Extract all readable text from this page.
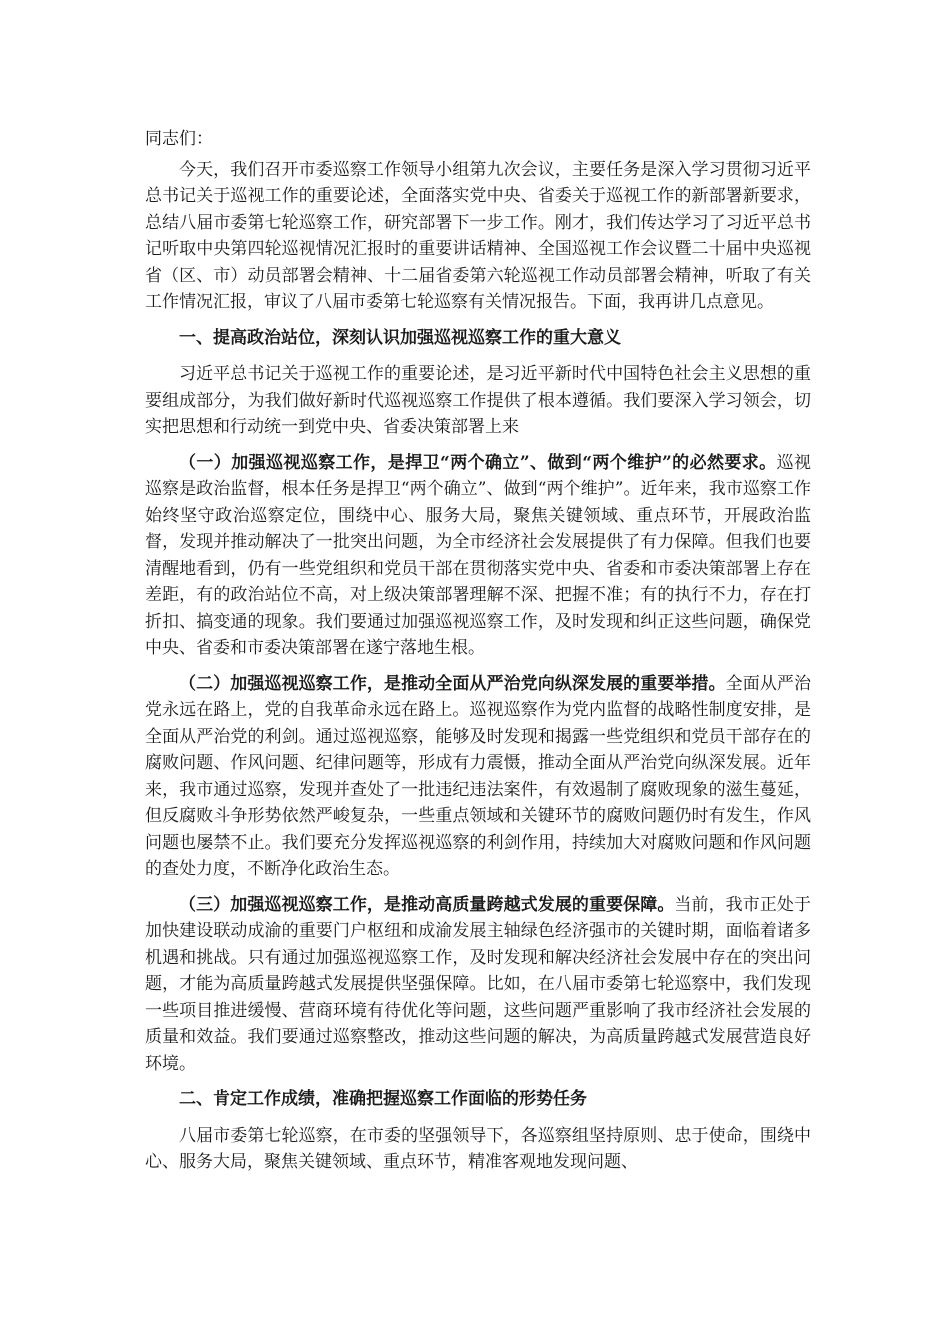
同志们：

今天，我们召开市委巡察工作领导小组第九次会议，主要任务是深入学习贯彻习近平总书记关于巡视工作的重要论述，全面落实党中央、省委关于巡视工作的新部署新要求，总结八届市委第七轮巡察工作，研究部署下一步工作。刚才，我们传达学习了习近平总书记听取中央第四轮巡视情况汇报时的重要讲话精神、全国巡视工作会议暨二十届中央巡视省（区、市）动员部署会精神、十二届省委第六轮巡视工作动员部署会精神，听取了有关工作情况汇报，审议了八届市委第七轮巡察有关情况报告。下面，我再讲几点意见。

一、提高政治站位，深刻认识加强巡视巡察工作的重大意义

习近平总书记关于巡视工作的重要论述，是习近平新时代中国特色社会主义思想的重要组成部分，为我们做好新时代巡视巡察工作提供了根本遵循。我们要深入学习领会，切实把思想和行动统一到党中央、省委决策部署上来

（一）加强巡视巡察工作，是捍卫“两个确立”、做到“两个维护”的必然要求。巡视巡察是政治监督，根本任务是捍卫“两个确立”、做到“两个维护”。近年来，我市巡察工作始终坚守政治巡察定位，围绕中心、服务大局，聚焦关键领域、重点环节，开展政治监督，发现并推动解决了一批突出问题，为全市经济社会发展提供了有力保障。但我们也要清醒地看到，仍有一些党组织和党员干部在贯彻落实党中央、省委和市委决策部署上存在差距，有的政治站位不高，对上级决策部署理解不深、把握不准；有的执行不力，存在打折扣、搞变通的现象。我们要通过加强巡视巡察工作，及时发现和纠正这些问题，确保党中央、省委和市委决策部署在遂宁落地生根。

（二）加强巡视巡察工作，是推动全面从严治党向纵深发展的重要举措。全面从严治党永远在路上，党的自我革命永远在路上。巡视巡察作为党内监督的战略性制度安排，是全面从严治党的利剑。通过巡视巡察，能够及时发现和揭露一些党组织和党员干部存在的腐败问题、作风问题、纪律问题等，形成有力震慑，推动全面从严治党向纵深发展。近年来，我市通过巡察，发现并查处了一批违纪违法案件，有效遏制了腐败现象的滋生蔓延，但反腐败斗争形势依然严峻复杂，一些重点领域和关键环节的腐败问题仍时有发生，作风问题也屡禁不止。我们要充分发挥巡视巡察的利剑作用，持续加大对腐败问题和作风问题的查处力度，不断净化政治生态。

（三）加强巡视巡察工作，是推动高质量跨越式发展的重要保障。当前，我市正处于加快建设联动成渝的重要门户枢纽和成渝发展主轴绿色经济强市的关键时期，面临着诸多机遇和挑战。只有通过加强巡视巡察工作，及时发现和解决经济社会发展中存在的突出问题，才能为高质量跨越式发展提供坚强保障。比如，在八届市委第七轮巡察中，我们发现一些项目推进缓慢、营商环境有待优化等问题，这些问题严重影响了我市经济社会发展的质量和效益。我们要通过巡察整改，推动这些问题的解决，为高质量跨越式发展营造良好环境。

二、肯定工作成绩，准确把握巡察工作面临的形势任务

八届市委第七轮巡察，在市委的坚强领导下，各巡察组坚持原则、忠于使命，围绕中心、服务大局，聚焦关键领域、重点环节，精准客观地发现问题、
